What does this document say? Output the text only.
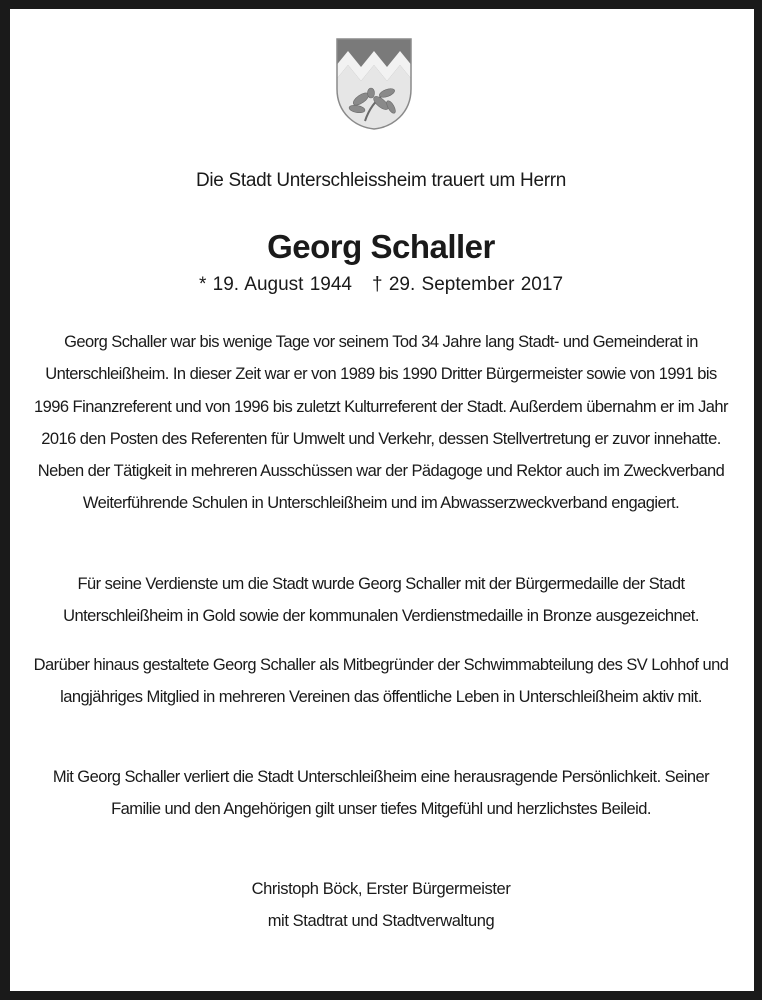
Die Stadt Unterschleissheim trauert um Herrn
Georg Schaller
* 19. August 1944 † 29. September 2017

Georg Schaller war bis wenige Tage vor seinem Tod 34 Jahre lang Stadt- und Gemeinderat in Unterschleißheim. In dieser Zeit war er von 1989 bis 1990 Dritter Bürgermeister sowie von 1991 bis 1996 Finanzreferent und von 1996 bis zuletzt Kulturreferent der Stadt. Außerdem übernahm er im Jahr 2016 den Posten des Referenten für Umwelt und Verkehr, dessen Stellvertretung er zuvor innehatte. Neben der Tätigkeit in mehreren Ausschüssen war der Pädagoge und Rektor auch im Zweckverband Weiterführende Schulen in Unterschleißheim und im Abwasserzweckverband engagiert.

Für seine Verdienste um die Stadt wurde Georg Schaller mit der Bürgermedaille der Stadt Unterschleißheim in Gold sowie der kommunalen Verdienstmedaille in Bronze ausgezeichnet.

Darüber hinaus gestaltete Georg Schaller als Mitbegründer der Schwimmabteilung des SV Lohhof und langjähriges Mitglied in mehreren Vereinen das öffentliche Leben in Unterschleißheim aktiv mit.

Mit Georg Schaller verliert die Stadt Unterschleißheim eine herausragende Persönlichkeit. Seiner Familie und den Angehörigen gilt unser tiefes Mitgefühl und herzlichstes Beileid.

Christoph Böck, Erster Bürgermeister
mit Stadtrat und Stadtverwaltung
